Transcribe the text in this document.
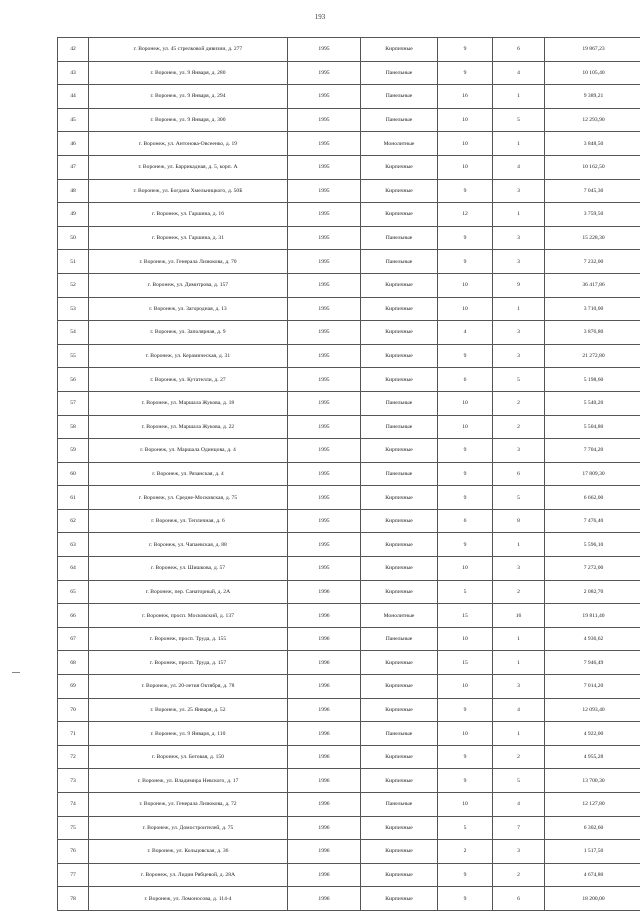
193
42	г. Воронеж, ул. 45 стрелковой дивизии, д. 277	1995	Кирпичные	9	6	19 867,23
43	г. Воронеж, ул. 9 Января, д. 280	1995	Панельные	9	4	10 105,40
44	г. Воронеж, ул. 9 Января, д. 294	1995	Панельные	16	1	9 389,21
45	г. Воронеж, ул. 9 Января, д. 300	1995	Панельные	10	5	12 293,90
46	г. Воронеж, ул. Антонова-Овсеенко, д. 19	1995	Монолитные	10	1	3 848,50
47	г. Воронеж, ул. Баррикадная, д. 5, корп. А	1995	Кирпичные	10	4	10 162,50
48	г. Воронеж, ул. Богдана Хмельницкого, д. 50Б	1995	Кирпичные	9	3	7 045,30
49	г. Воронеж, ул. Гаршина, д. 16	1995	Кирпичные	12	1	3 759,50
50	г. Воронеж, ул. Гаршина, д. 31	1995	Панельные	9	3	15 228,30
51	г. Воронеж, ул. Генерала Лизюкова, д. 70	1995	Панельные	9	3	7 232,00
52	г. Воронеж, ул. Димитрова, д. 157	1995	Кирпичные	10	9	36 417,86
53	г. Воронеж, ул. Загородная, д. 13	1995	Кирпичные	10	1	3 710,00
54	г. Воронеж, ул. Заполярная, д. 9	1995	Кирпичные	4	3	3 876,80
55	г. Воронеж, ул. Керамическая, д. 31	1995	Кирпичные	9	3	21 272,80
56	г. Воронеж, ул. Кутателли, д. 27	1995	Кирпичные	6	5	5 198,60
57	г. Воронеж, ул. Маршала Жукова, д. 18	1995	Панельные	10	2	5 540,20
58	г. Воронеж, ул. Маршала Жукова, д. 22	1995	Панельные	10	2	5 504,80
59	г. Воронеж, ул. Маршала Одинцова, д. 4	1995	Кирпичные	9	3	7 704,20
60	г. Воронеж, ул. Рязанская, д. 4	1995	Панельные	9	6	17 809,30
61	г. Воронеж, ул. Средне-Московская, д. 75	1995	Кирпичные	9	5	6 662,00
62	г. Воронеж, ул. Тепличная, д. 6	1995	Кирпичные	6	8	7 476,40
63	г. Воронеж, ул. Чапаевская, д. 88	1995	Кирпичные	9	1	5 596,10
64	г. Воронеж, ул. Шишкова, д. 57	1995	Кирпичные	10	3	7 272,00
65	г. Воронеж, пер. Санаторный, д. 2А	1996	Кирпичные	5	2	2 082,70
66	г. Воронеж, просп. Московский, д. 137	1996	Монолитные	15	16	19 811,40
67	г. Воронеж, просп. Труда, д. 155	1996	Панельные	10	1	4 936,62
68	г. Воронеж, просп. Труда, д. 157	1996	Кирпичные	15	1	7 946,49
69	г. Воронеж, ул. 20-летия Октября, д. 78	1996	Кирпичные	10	3	7 014,20
70	г. Воронеж, ул. 25 Января, д. 52	1996	Кирпичные	9	4	12 093,40
71	г. Воронеж, ул. 9 Января, д. 110	1996	Панельные	10	1	4 922,00
72	г. Воронеж, ул. Беговая, д. 150	1996	Кирпичные	9	2	4 955,28
73	г. Воронеж, ул. Владимира Невского, д. 17	1996	Кирпичные	9	5	13 700,30
74	г. Воронеж, ул. Генерала Лизюкова, д. 72	1996	Панельные	10	4	12 127,80
75	г. Воронеж, ул. Домостроителей, д. 75	1996	Кирпичные	5	7	6 302,60
76	г. Воронеж, ул. Кольцовская, д. 36	1996	Кирпичные	2	3	1 517,50
77	г. Воронеж, ул. Лидии Рябцевой, д. 28А	1996	Кирпичные	9	2	4 674,80
78	г. Воронеж, ул. Ломоносова, д. 114-4	1996	Кирпичные	9	6	18 200,00
